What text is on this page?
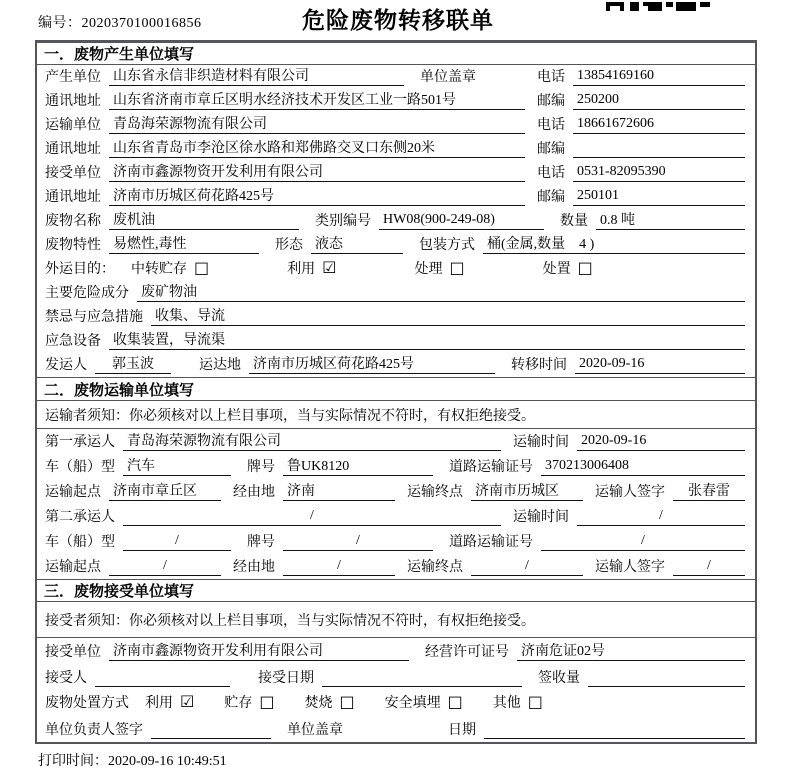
编号：2020370100016856	危险废物转移联单
一．废物产生单位填写
产生单位 山东省永信非织造材料有限公司	单位盖章	电话 13854169160
通讯地址 山东省济南市章丘区明水经济技术开发区工业一路501号	邮编 250200
运输单位 青岛海荣源物流有限公司	电话 18661672606
通讯地址 山东省青岛市李沧区徐水路和郑佛路交叉口东侧20米	邮编
接受单位 济南市鑫源物资开发利用有限公司	电话 0531-82095390
通讯地址 济南市历城区荷花路425号	邮编 250101
废物名称 废机油	类别编号 HW08(900-249-08)	数量 0.8 吨
废物特性 易燃性,毒性	形态 液态	包装方式 桶(金属,数量　4 )
外运目的： 中转贮存 □	利用 ☑	处理 □	处置 □
主要危险成分 废矿物油
禁忌与应急措施 收集、导流
应急设备 收集装置，导流渠
发运人	郭玉波	运达地 济南市历城区荷花路425号	转移时间 2020-09-16
二．废物运输单位填写
运输者须知：你必须核对以上栏目事项，当与实际情况不符时，有权拒绝接受。
第一承运人 青岛海荣源物流有限公司	运输时间 2020-09-16
车（船）型 汽车	牌号 鲁UK8120	道路运输证号 370213006408
运输起点 济南市章丘区	经由地 济南	运输终点 济南市历城区	运输人签字	张春雷
第二承运人	/	运输时间	/
车（船）型	/	牌号	/	道路运输证号	/
运输起点	/	经由地	/	运输终点	/	运输人签字	/
三．废物接受单位填写
接受者须知：你必须核对以上栏目事项，当与实际情况不符时，有权拒绝接受。
接受单位 济南市鑫源物资开发利用有限公司	经营许可证号 济南危证02号
接受人	接受日期	签收量
废物处置方式 利用 ☑ 贮存 □ 焚烧 □ 安全填埋 □ 其他 □
单位负责人签字	单位盖章	日期
打印时间：2020-09-16 10:49:51
